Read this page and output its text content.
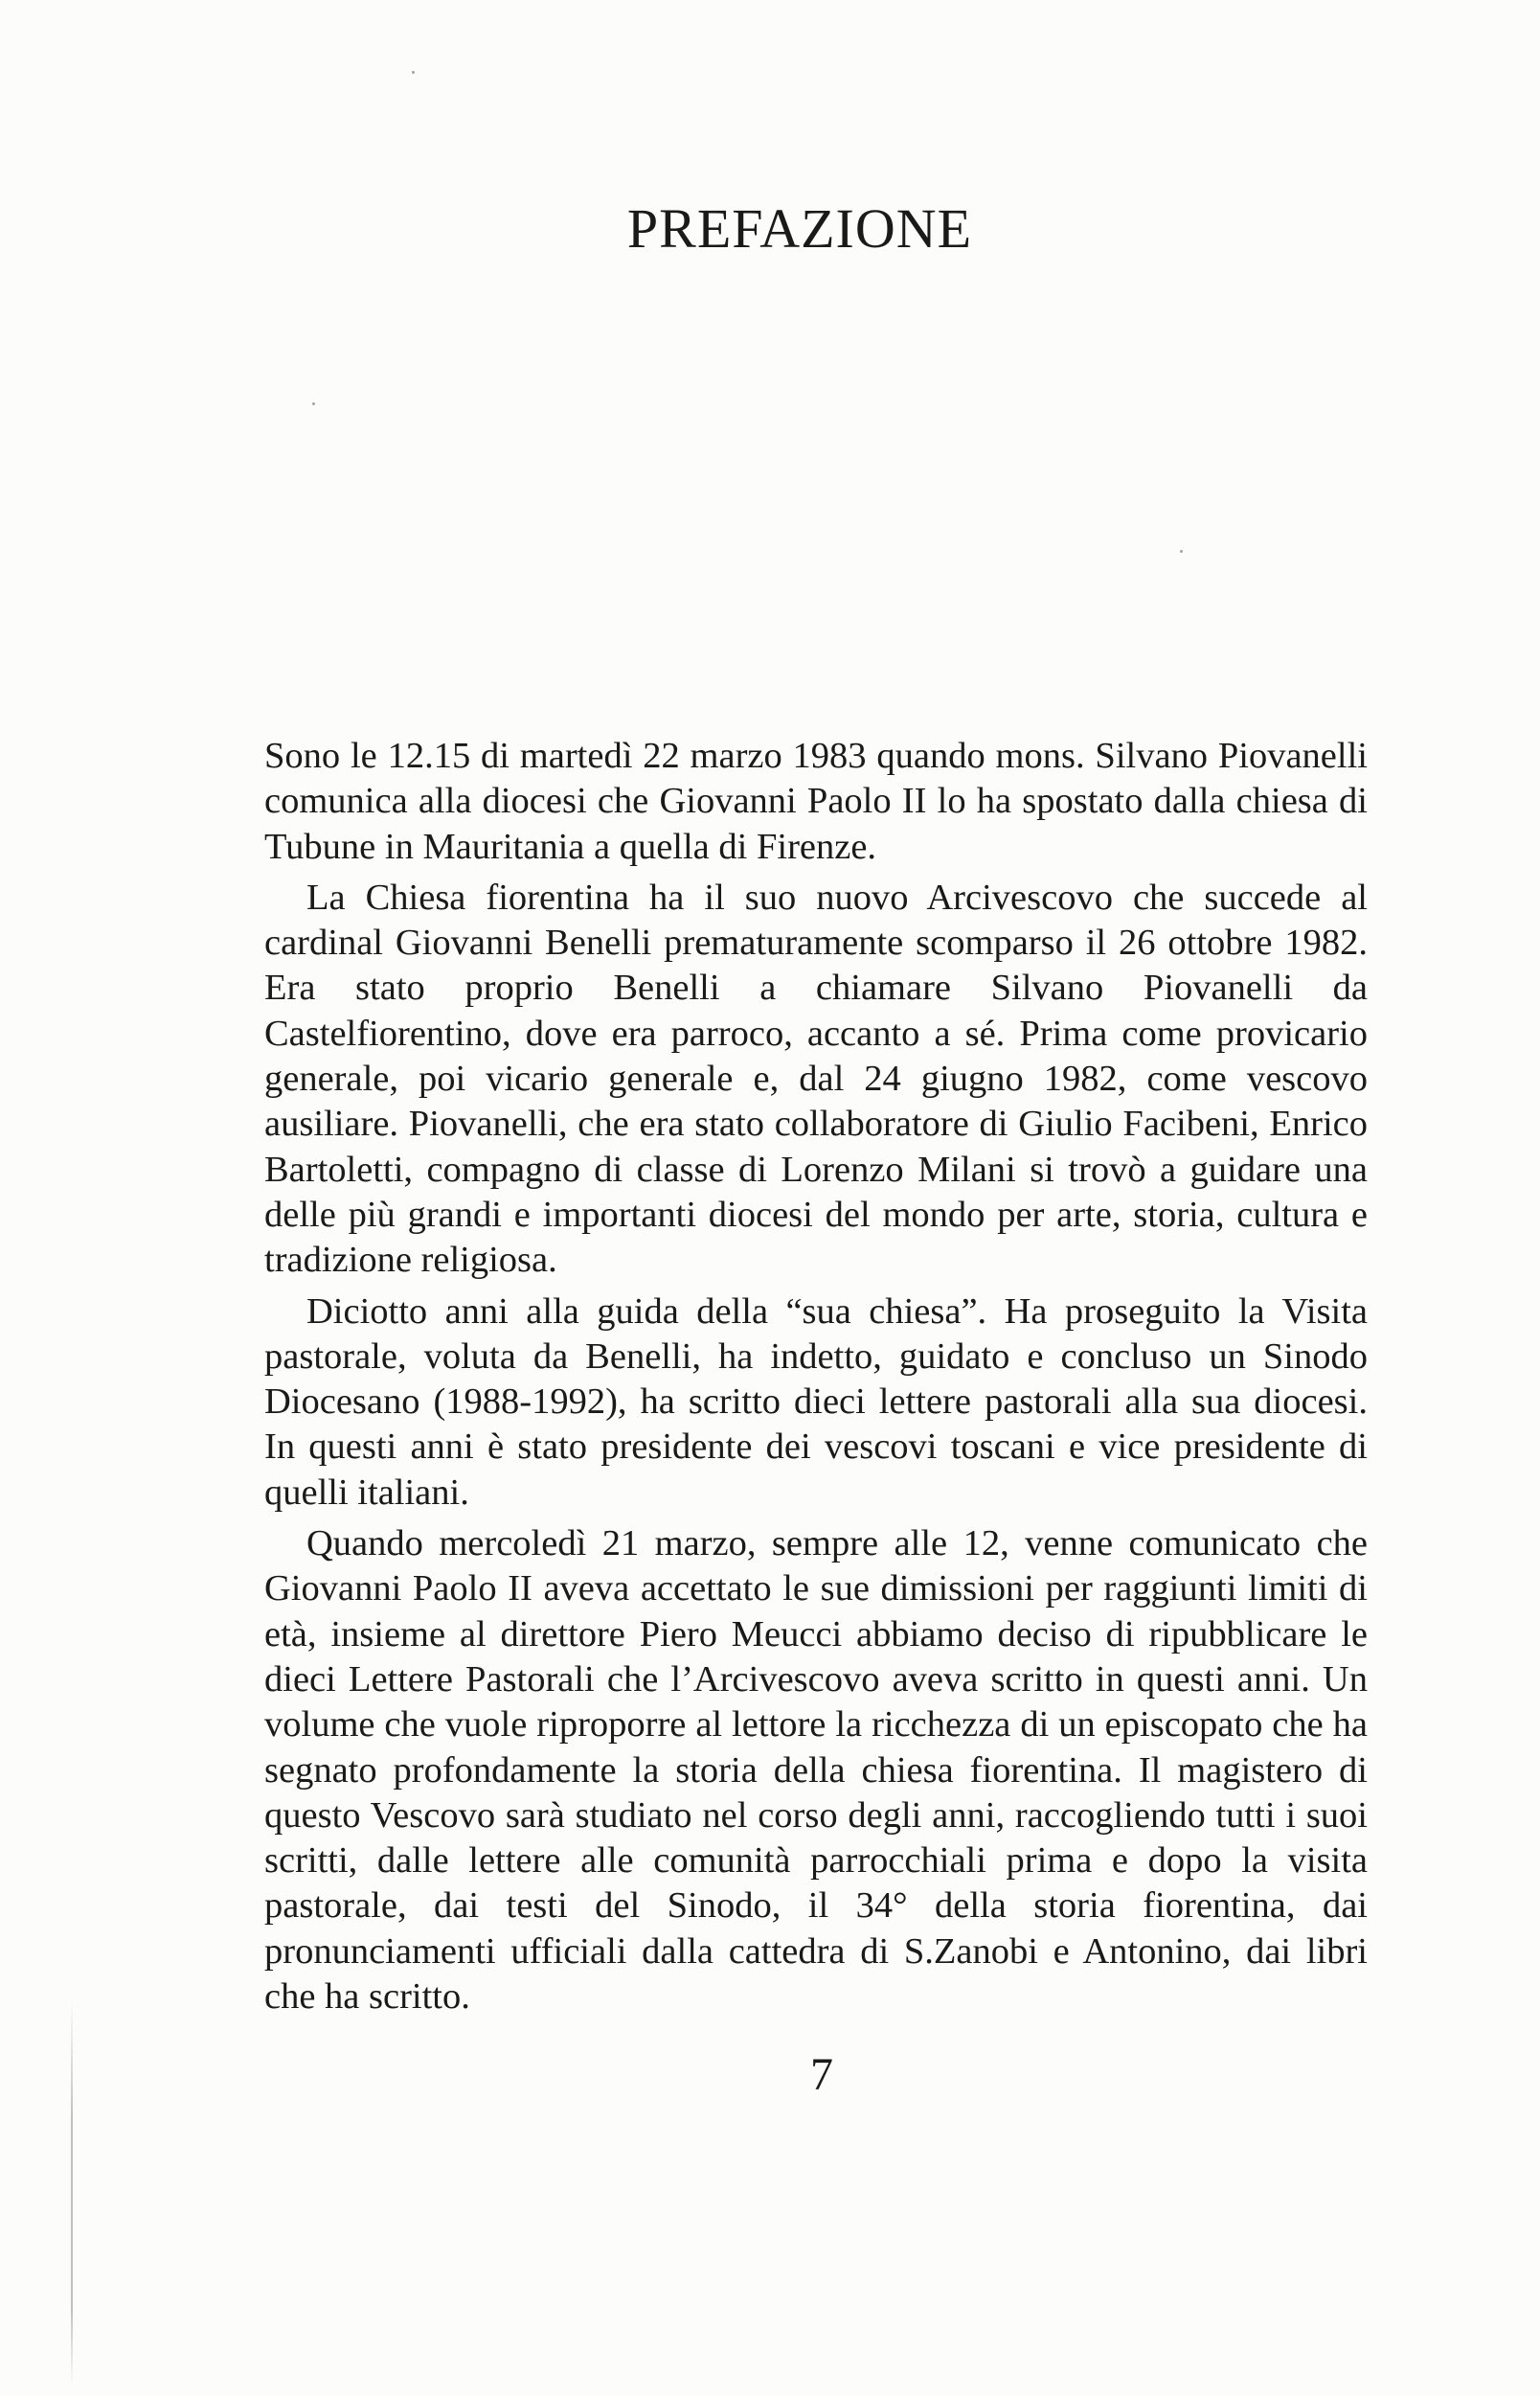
PREFAZIONE

Sono le 12.15 di martedì 22 marzo 1983 quando mons. Silvano Piovanelli comunica alla diocesi che Giovanni Paolo II lo ha spostato dalla chiesa di Tubune in Mauritania a quella di Firenze.

La Chiesa fiorentina ha il suo nuovo Arcivescovo che succede al cardinal Giovanni Benelli prematuramente scomparso il 26 ottobre 1982. Era stato proprio Benelli a chiamare Silvano Piovanelli da Castelfiorentino, dove era parroco, accanto a sé. Prima come provicario generale, poi vicario generale e, dal 24 giugno 1982, come vescovo ausiliare. Piovanelli, che era stato collaboratore di Giulio Facibeni, Enrico Bartoletti, compagno di classe di Lorenzo Milani si trovò a guidare una delle più grandi e importanti diocesi del mondo per arte, storia, cultura e tradizione religiosa.

Diciotto anni alla guida della “sua chiesa”. Ha proseguito la Visita pastorale, voluta da Benelli, ha indetto, guidato e concluso un Sinodo Diocesano (1988-1992), ha scritto dieci lettere pastorali alla sua diocesi. In questi anni è stato presidente dei vescovi toscani e vice presidente di quelli italiani.

Quando mercoledì 21 marzo, sempre alle 12, venne comunicato che Giovanni Paolo II aveva accettato le sue dimissioni per raggiunti limiti di età, insieme al direttore Piero Meucci abbiamo deciso di ripubblicare le dieci Lettere Pastorali che l’Arcivescovo aveva scritto in questi anni. Un volume che vuole riproporre al lettore la ricchezza di un episcopato che ha segnato profondamente la storia della chiesa fiorentina. Il magistero di questo Vescovo sarà studiato nel corso degli anni, raccogliendo tutti i suoi scritti, dalle lettere alle comunità parrocchiali prima e dopo la visita pastorale, dai testi del Sinodo, il 34° della storia fiorentina, dai pronunciamenti ufficiali dalla cattedra di S.Zanobi e Antonino, dai libri che ha scritto.

7
